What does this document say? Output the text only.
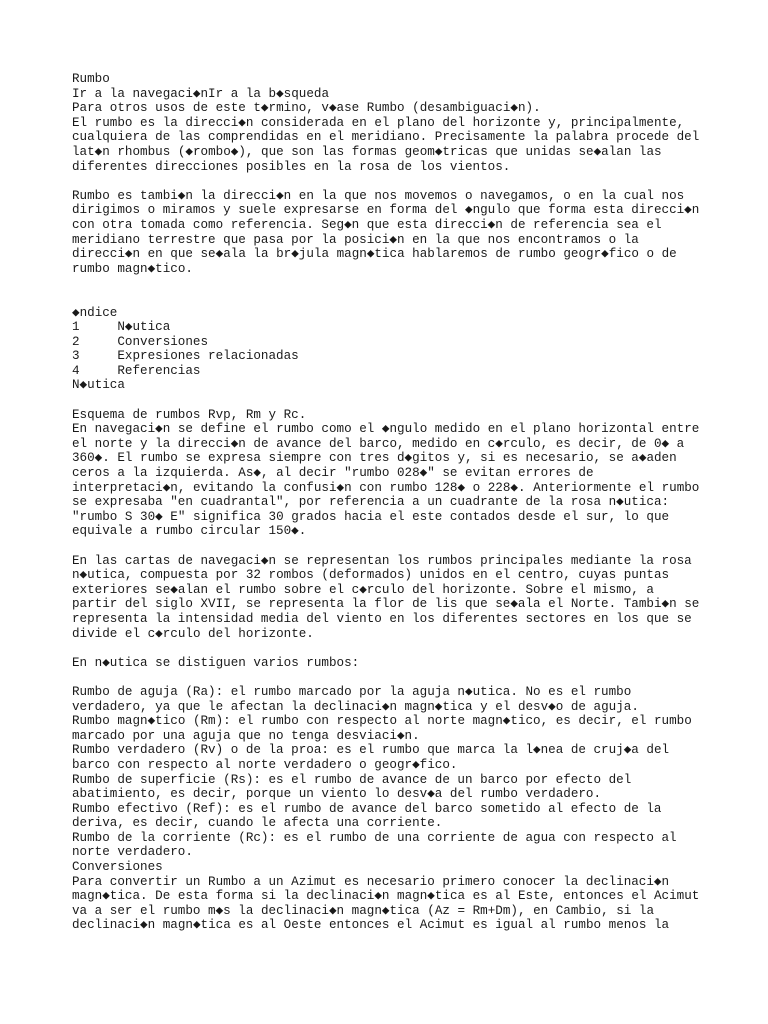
Rumbo
Ir a la navegaci◆nIr a la b◆squeda
Para otros usos de este t◆rmino, v◆ase Rumbo (desambiguaci◆n).
El rumbo es la direcci◆n considerada en el plano del horizonte y, principalmente,
cualquiera de las comprendidas en el meridiano. Precisamente la palabra procede del
lat◆n rhombus (◆rombo◆), que son las formas geom◆tricas que unidas se◆alan las
diferentes direcciones posibles en la rosa de los vientos.

Rumbo es tambi◆n la direcci◆n en la que nos movemos o navegamos, o en la cual nos
dirigimos o miramos y suele expresarse en forma del ◆ngulo que forma esta direcci◆n
con otra tomada como referencia. Seg◆n que esta direcci◆n de referencia sea el
meridiano terrestre que pasa por la posici◆n en la que nos encontramos o la
direcci◆n en que se◆ala la br◆jula magn◆tica hablaremos de rumbo geogr◆fico o de
rumbo magn◆tico.

◆ndice
1     N◆utica
2     Conversiones
3     Expresiones relacionadas
4     Referencias
N◆utica

Esquema de rumbos Rvp, Rm y Rc.
En navegaci◆n se define el rumbo como el ◆ngulo medido en el plano horizontal entre
el norte y la direcci◆n de avance del barco, medido en c◆rculo, es decir, de 0◆ a
360◆. El rumbo se expresa siempre con tres d◆gitos y, si es necesario, se a◆aden
ceros a la izquierda. As◆, al decir "rumbo 028◆" se evitan errores de
interpretaci◆n, evitando la confusi◆n con rumbo 128◆ o 228◆. Anteriormente el rumbo
se expresaba "en cuadrantal", por referencia a un cuadrante de la rosa n◆utica:
"rumbo S 30◆ E" significa 30 grados hacia el este contados desde el sur, lo que
equivale a rumbo circular 150◆.

En las cartas de navegaci◆n se representan los rumbos principales mediante la rosa
n◆utica, compuesta por 32 rombos (deformados) unidos en el centro, cuyas puntas
exteriores se◆alan el rumbo sobre el c◆rculo del horizonte. Sobre el mismo, a
partir del siglo XVII, se representa la flor de lis que se◆ala el Norte. Tambi◆n se
representa la intensidad media del viento en los diferentes sectores en los que se
divide el c◆rculo del horizonte.

En n◆utica se distiguen varios rumbos:

Rumbo de aguja (Ra): el rumbo marcado por la aguja n◆utica. No es el rumbo
verdadero, ya que le afectan la declinaci◆n magn◆tica y el desv◆o de aguja.
Rumbo magn◆tico (Rm): el rumbo con respecto al norte magn◆tico, es decir, el rumbo
marcado por una aguja que no tenga desviaci◆n.
Rumbo verdadero (Rv) o de la proa: es el rumbo que marca la l◆nea de cruj◆a del
barco con respecto al norte verdadero o geogr◆fico.
Rumbo de superficie (Rs): es el rumbo de avance de un barco por efecto del
abatimiento, es decir, porque un viento lo desv◆a del rumbo verdadero.
Rumbo efectivo (Ref): es el rumbo de avance del barco sometido al efecto de la
deriva, es decir, cuando le afecta una corriente.
Rumbo de la corriente (Rc): es el rumbo de una corriente de agua con respecto al
norte verdadero.
Conversiones
Para convertir un Rumbo a un Azimut es necesario primero conocer la declinaci◆n
magn◆tica. De esta forma si la declinaci◆n magn◆tica es al Este, entonces el Acimut
va a ser el rumbo m◆s la declinaci◆n magn◆tica (Az = Rm+Dm), en Cambio, si la
declinaci◆n magn◆tica es al Oeste entonces el Acimut es igual al rumbo menos la
